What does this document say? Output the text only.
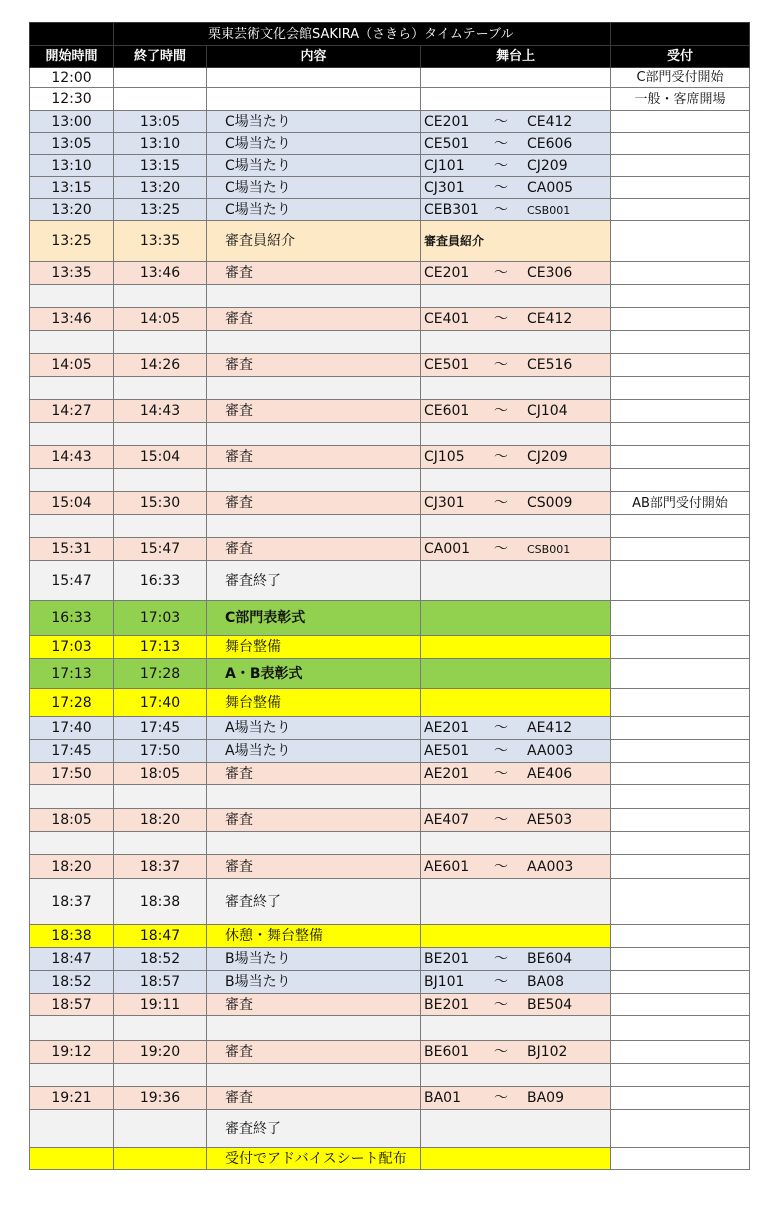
	栗東芸術文化会館SAKIRA（さきら）タイムテーブル			
開始時間	終了時間	内容	舞台上	受付
12:00				C部門受付開始
12:30				一般・客席開場
13:00	13:05	C場当たり	CE201 〜 CE412	
13:05	13:10	C場当たり	CE501 〜 CE606	
13:10	13:15	C場当たり	CJ101 〜 CJ209	
13:15	13:20	C場当たり	CJ301 〜 CA005	
13:20	13:25	C場当たり	CEB301 〜 CSB001	
13:25	13:35	審査員紹介	審査員紹介	
13:35	13:46	審査	CE201 〜 CE306	

13:46	14:05	審査	CE401 〜 CE412	

14:05	14:26	審査	CE501 〜 CE516	

14:27	14:43	審査	CE601 〜 CJ104	

14:43	15:04	審査	CJ105 〜 CJ209	

15:04	15:30	審査	CJ301 〜 CS009	AB部門受付開始

15:31	15:47	審査	CA001 〜 CSB001	
15:47	16:33	審査終了		
16:33	17:03	C部門表彰式		
17:03	17:13	舞台整備		
17:13	17:28	A・B表彰式		
17:28	17:40	舞台整備		
17:40	17:45	A場当たり	AE201 〜 AE412	
17:45	17:50	A場当たり	AE501 〜 AA003	
17:50	18:05	審査	AE201 〜 AE406	

18:05	18:20	審査	AE407 〜 AE503	

18:20	18:37	審査	AE601 〜 AA003	
18:37	18:38	審査終了		
18:38	18:47	休憩・舞台整備		
18:47	18:52	B場当たり	BE201 〜 BE604	
18:52	18:57	B場当たり	BJ101 〜 BA08	
18:57	19:11	審査	BE201 〜 BE504	

19:12	19:20	審査	BE601 〜 BJ102	

19:21	19:36	審査	BA01 〜 BA09	
		審査終了		
		受付でアドバイスシート配布		
